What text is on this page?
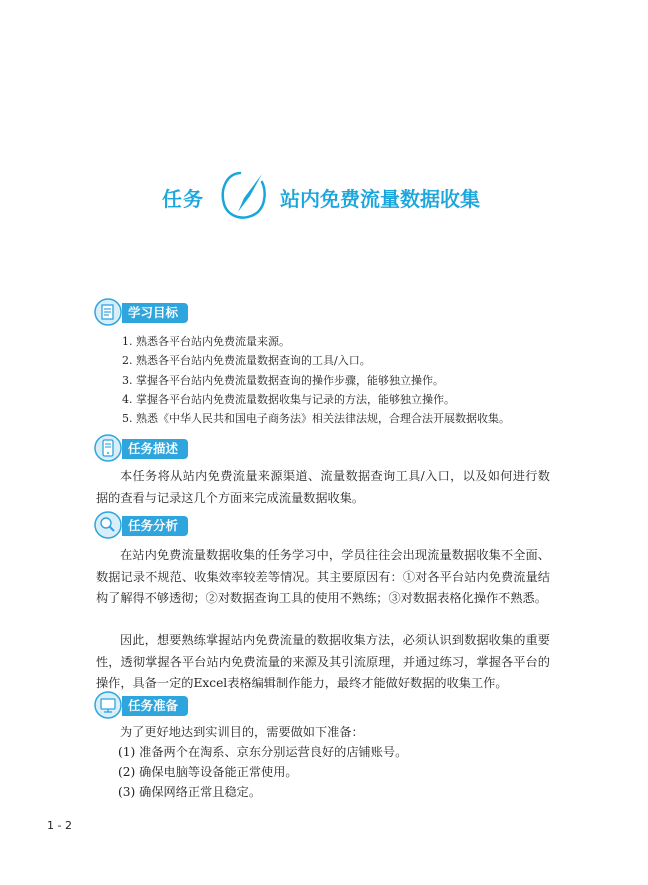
任务	站内免费流量数据收集
学习目标
1. 熟悉各平台站内免费流量来源。
2. 熟悉各平台站内免费流量数据查询的工具/入口。
3. 掌握各平台站内免费流量数据查询的操作步骤，能够独立操作。
4. 掌握各平台站内免费流量数据收集与记录的方法，能够独立操作。
5. 熟悉《中华人民共和国电子商务法》相关法律法规，合理合法开展数据收集。
任务描述

本任务将从站内免费流量来源渠道、流量数据查询工具/入口，以及如何进行数据的查看与记录这几个方面来完成流量数据收集。

任务分析

在站内免费流量数据收集的任务学习中，学员往往会出现流量数据收集不全面、数据记录不规范、收集效率较差等情况。其主要原因有：①对各平台站内免费流量结构了解得不够透彻；②对数据查询工具的使用不熟练；③对数据表格化操作不熟悉。

因此，想要熟练掌握站内免费流量的数据收集方法，必须认识到数据收集的重要性，透彻掌握各平台站内免费流量的来源及其引流原理，并通过练习，掌握各平台的操作，具备一定的Excel表格编辑制作能力，最终才能做好数据的收集工作。

任务准备
为了更好地达到实训目的，需要做如下准备：
(1) 准备两个在淘系、京东分别运营良好的店铺账号。
(2) 确保电脑等设备能正常使用。
(3) 确保网络正常且稳定。
1 - 2
